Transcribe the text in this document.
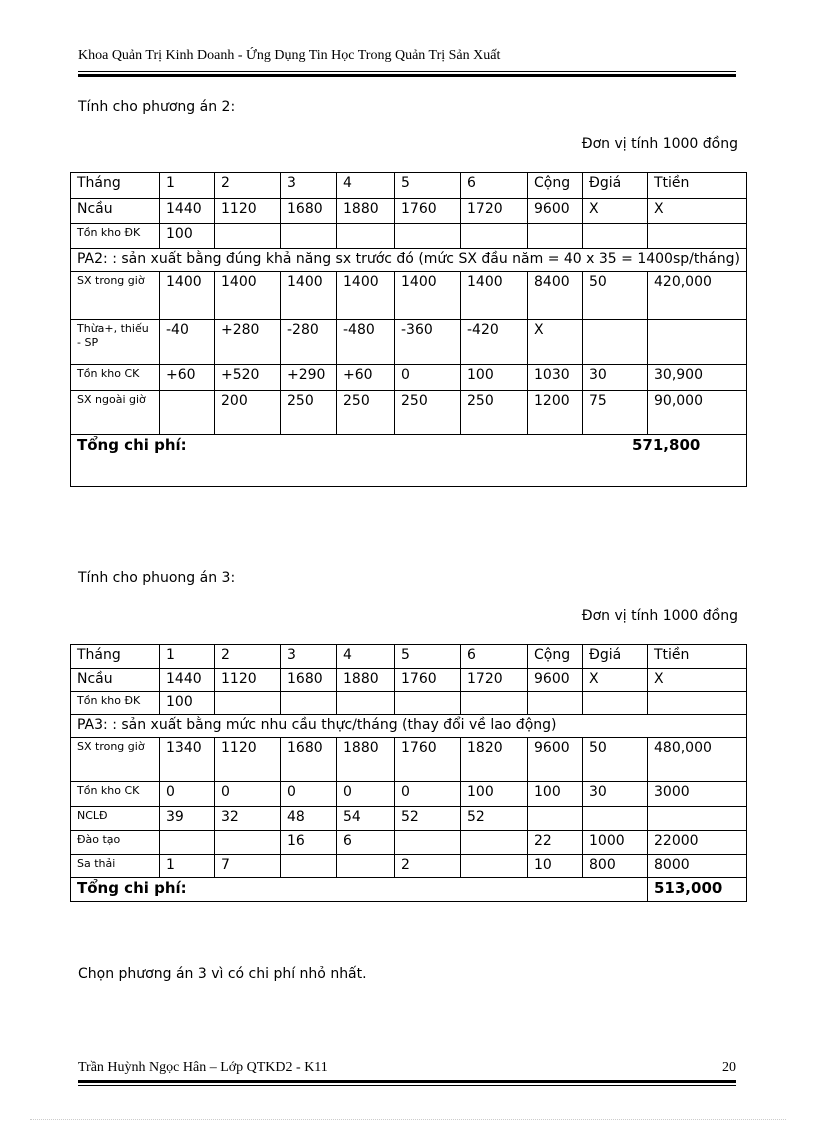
Khoa Quản Trị Kinh Doanh - Ứng Dụng Tin Học Trong Quản Trị Sản Xuất
Tính cho phương án 2:
Đơn vị tính 1000 đồng
Tháng	1	2	3	4	5	6	Cộng	Đgiá	Ttiền
Ncầu	1440	1120	1680	1880	1760	1720	9600	X	X
Tồn kho ĐK	100								
PA2: : sản xuất bằng đúng khả năng sx trước đó (mức SX đầu năm = 40 x 35 = 1400sp/tháng)									
SX trong giờ	1400	1400	1400	1400	1400	1400	8400	50	420,000
Thừa+, thiếu - SP	-40	+280	-280	-480	-360	-420	X		
Tồn kho CK	+60	+520	+290	+60	0	100	1030	30	30,900
SX ngoài giờ		200	250	250	250	250	1200	75	90,000
Tổng chi phí: 571,800									
Tính cho phuong án 3:
Đơn vị tính 1000 đồng
Tháng	1	2	3	4	5	6	Cộng	Đgiá	Ttiền
Ncầu	1440	1120	1680	1880	1760	1720	9600	X	X
Tồn kho ĐK	100								
PA3: : sản xuất bằng mức nhu cầu thực/tháng (thay đổi về lao động)									
SX trong giờ	1340	1120	1680	1880	1760	1820	9600	50	480,000
Tồn kho CK	0	0	0	0	0	100	100	30	3000
NCLĐ	39	32	48	54	52	52			
Đào tạo			16	6			22	1000	22000
Sa thải	1	7			2		10	800	8000
Tổng chi phí:									513,000
Chọn phương án 3 vì có chi phí nhỏ nhất.
Trần Huỳnh Ngọc Hân – Lớp QTKD2 - K11	20
